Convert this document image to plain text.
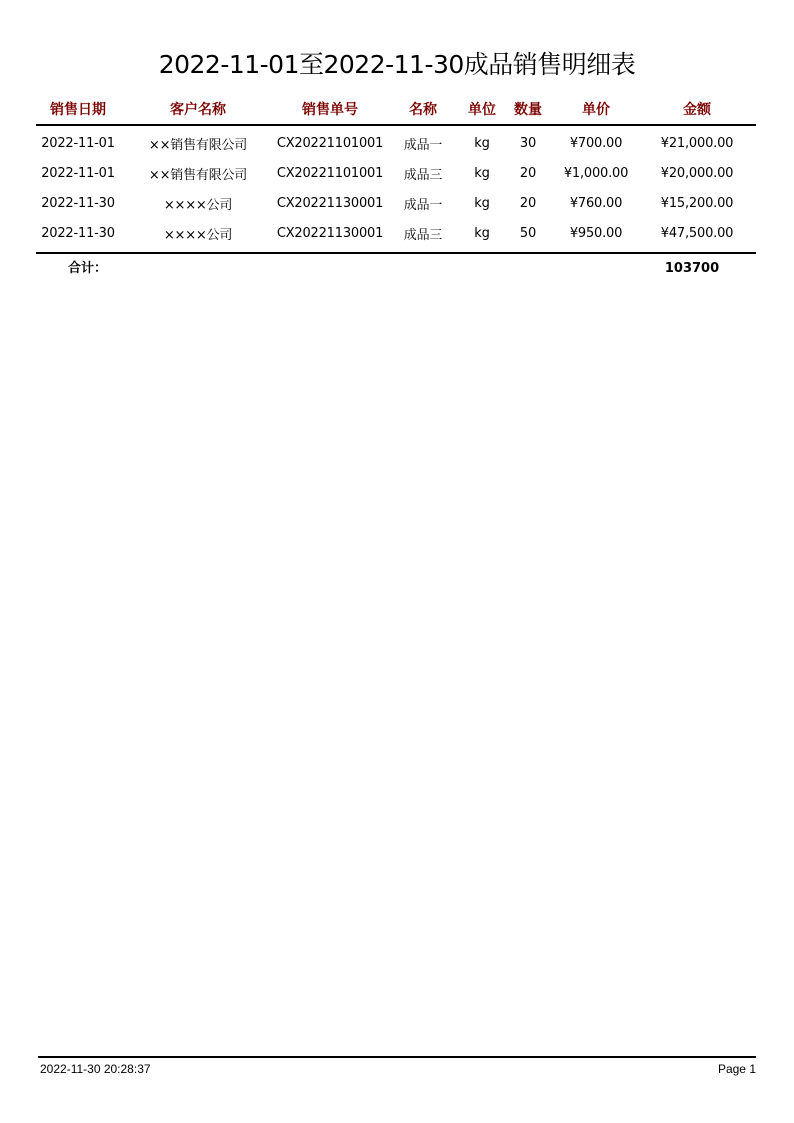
2022-11-01至2022-11-30成品销售明细表
销售日期	客户名称	销售单号	名称	单位	数量	单价	金额
2022-11-01	××销售有限公司	CX20221101001	成品一	kg	30	¥700.00	¥21,000.00
2022-11-01	××销售有限公司	CX20221101001	成品三	kg	20	¥1,000.00	¥20,000.00
2022-11-30	××××公司	CX20221130001	成品一	kg	20	¥760.00	¥15,200.00
2022-11-30	××××公司	CX20221130001	成品三	kg	50	¥950.00	¥47,500.00
合计：	103700
2022-11-30 20:28:37	Page 1
